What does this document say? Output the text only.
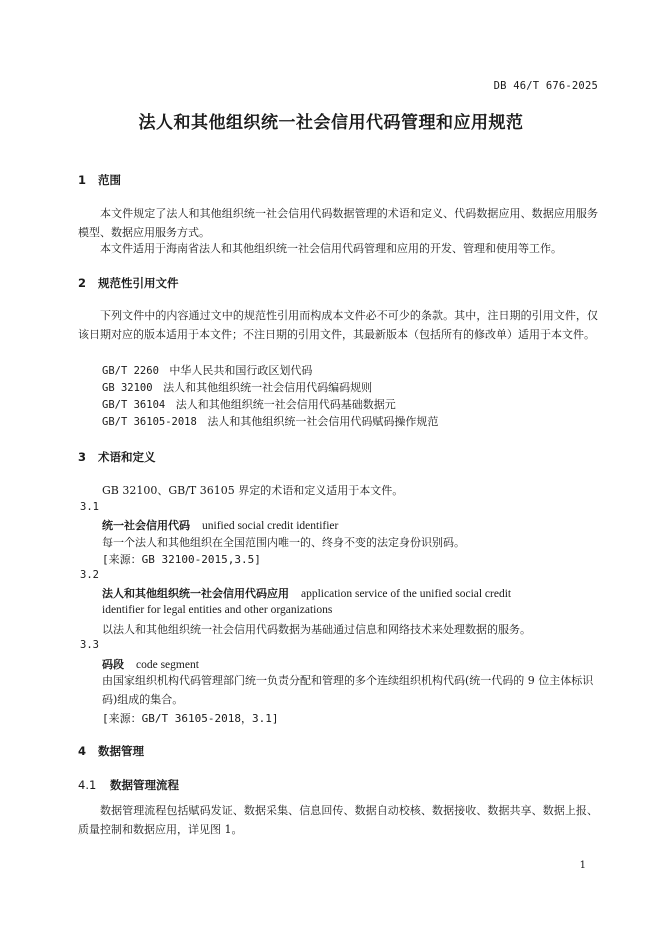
DB 46/T 676-2025
法人和其他组织统一社会信用代码管理和应用规范
1 范围
本文件规定了法人和其他组织统一社会信用代码数据管理的术语和定义、代码数据应用、数据应用服务模型、数据应用服务方式。
本文件适用于海南省法人和其他组织统一社会信用代码管理和应用的开发、管理和使用等工作。
2 规范性引用文件
下列文件中的内容通过文中的规范性引用而构成本文件必不可少的条款。其中，注日期的引用文件，仅该日期对应的版本适用于本文件；不注日期的引用文件，其最新版本（包括所有的修改单）适用于本文件。
GB/T 2260 中华人民共和国行政区划代码
GB 32100 法人和其他组织统一社会信用代码编码规则
GB/T 36104 法人和其他组织统一社会信用代码基础数据元
GB/T 36105-2018 法人和其他组织统一社会信用代码赋码操作规范
3 术语和定义
GB 32100、GB/T 36105 界定的术语和定义适用于本文件。
3.1
统一社会信用代码 unified social credit identifier
每一个法人和其他组织在全国范围内唯一的、终身不变的法定身份识别码。
[来源：GB 32100-2015,3.5]
3.2
法人和其他组织统一社会信用代码应用 application service of the unified social credit
identifier for legal entities and other organizations
以法人和其他组织统一社会信用代码数据为基础通过信息和网络技术来处理数据的服务。
3.3
码段 code segment
由国家组织机构代码管理部门统一负责分配和管理的多个连续组织机构代码(统一代码的 9 位主体标识码)组成的集合。
[来源：GB/T 36105-2018，3.1]
4 数据管理
4.1 数据管理流程
数据管理流程包括赋码发证、数据采集、信息回传、数据自动校核、数据接收、数据共享、数据上报、质量控制和数据应用，详见图 1。
1
